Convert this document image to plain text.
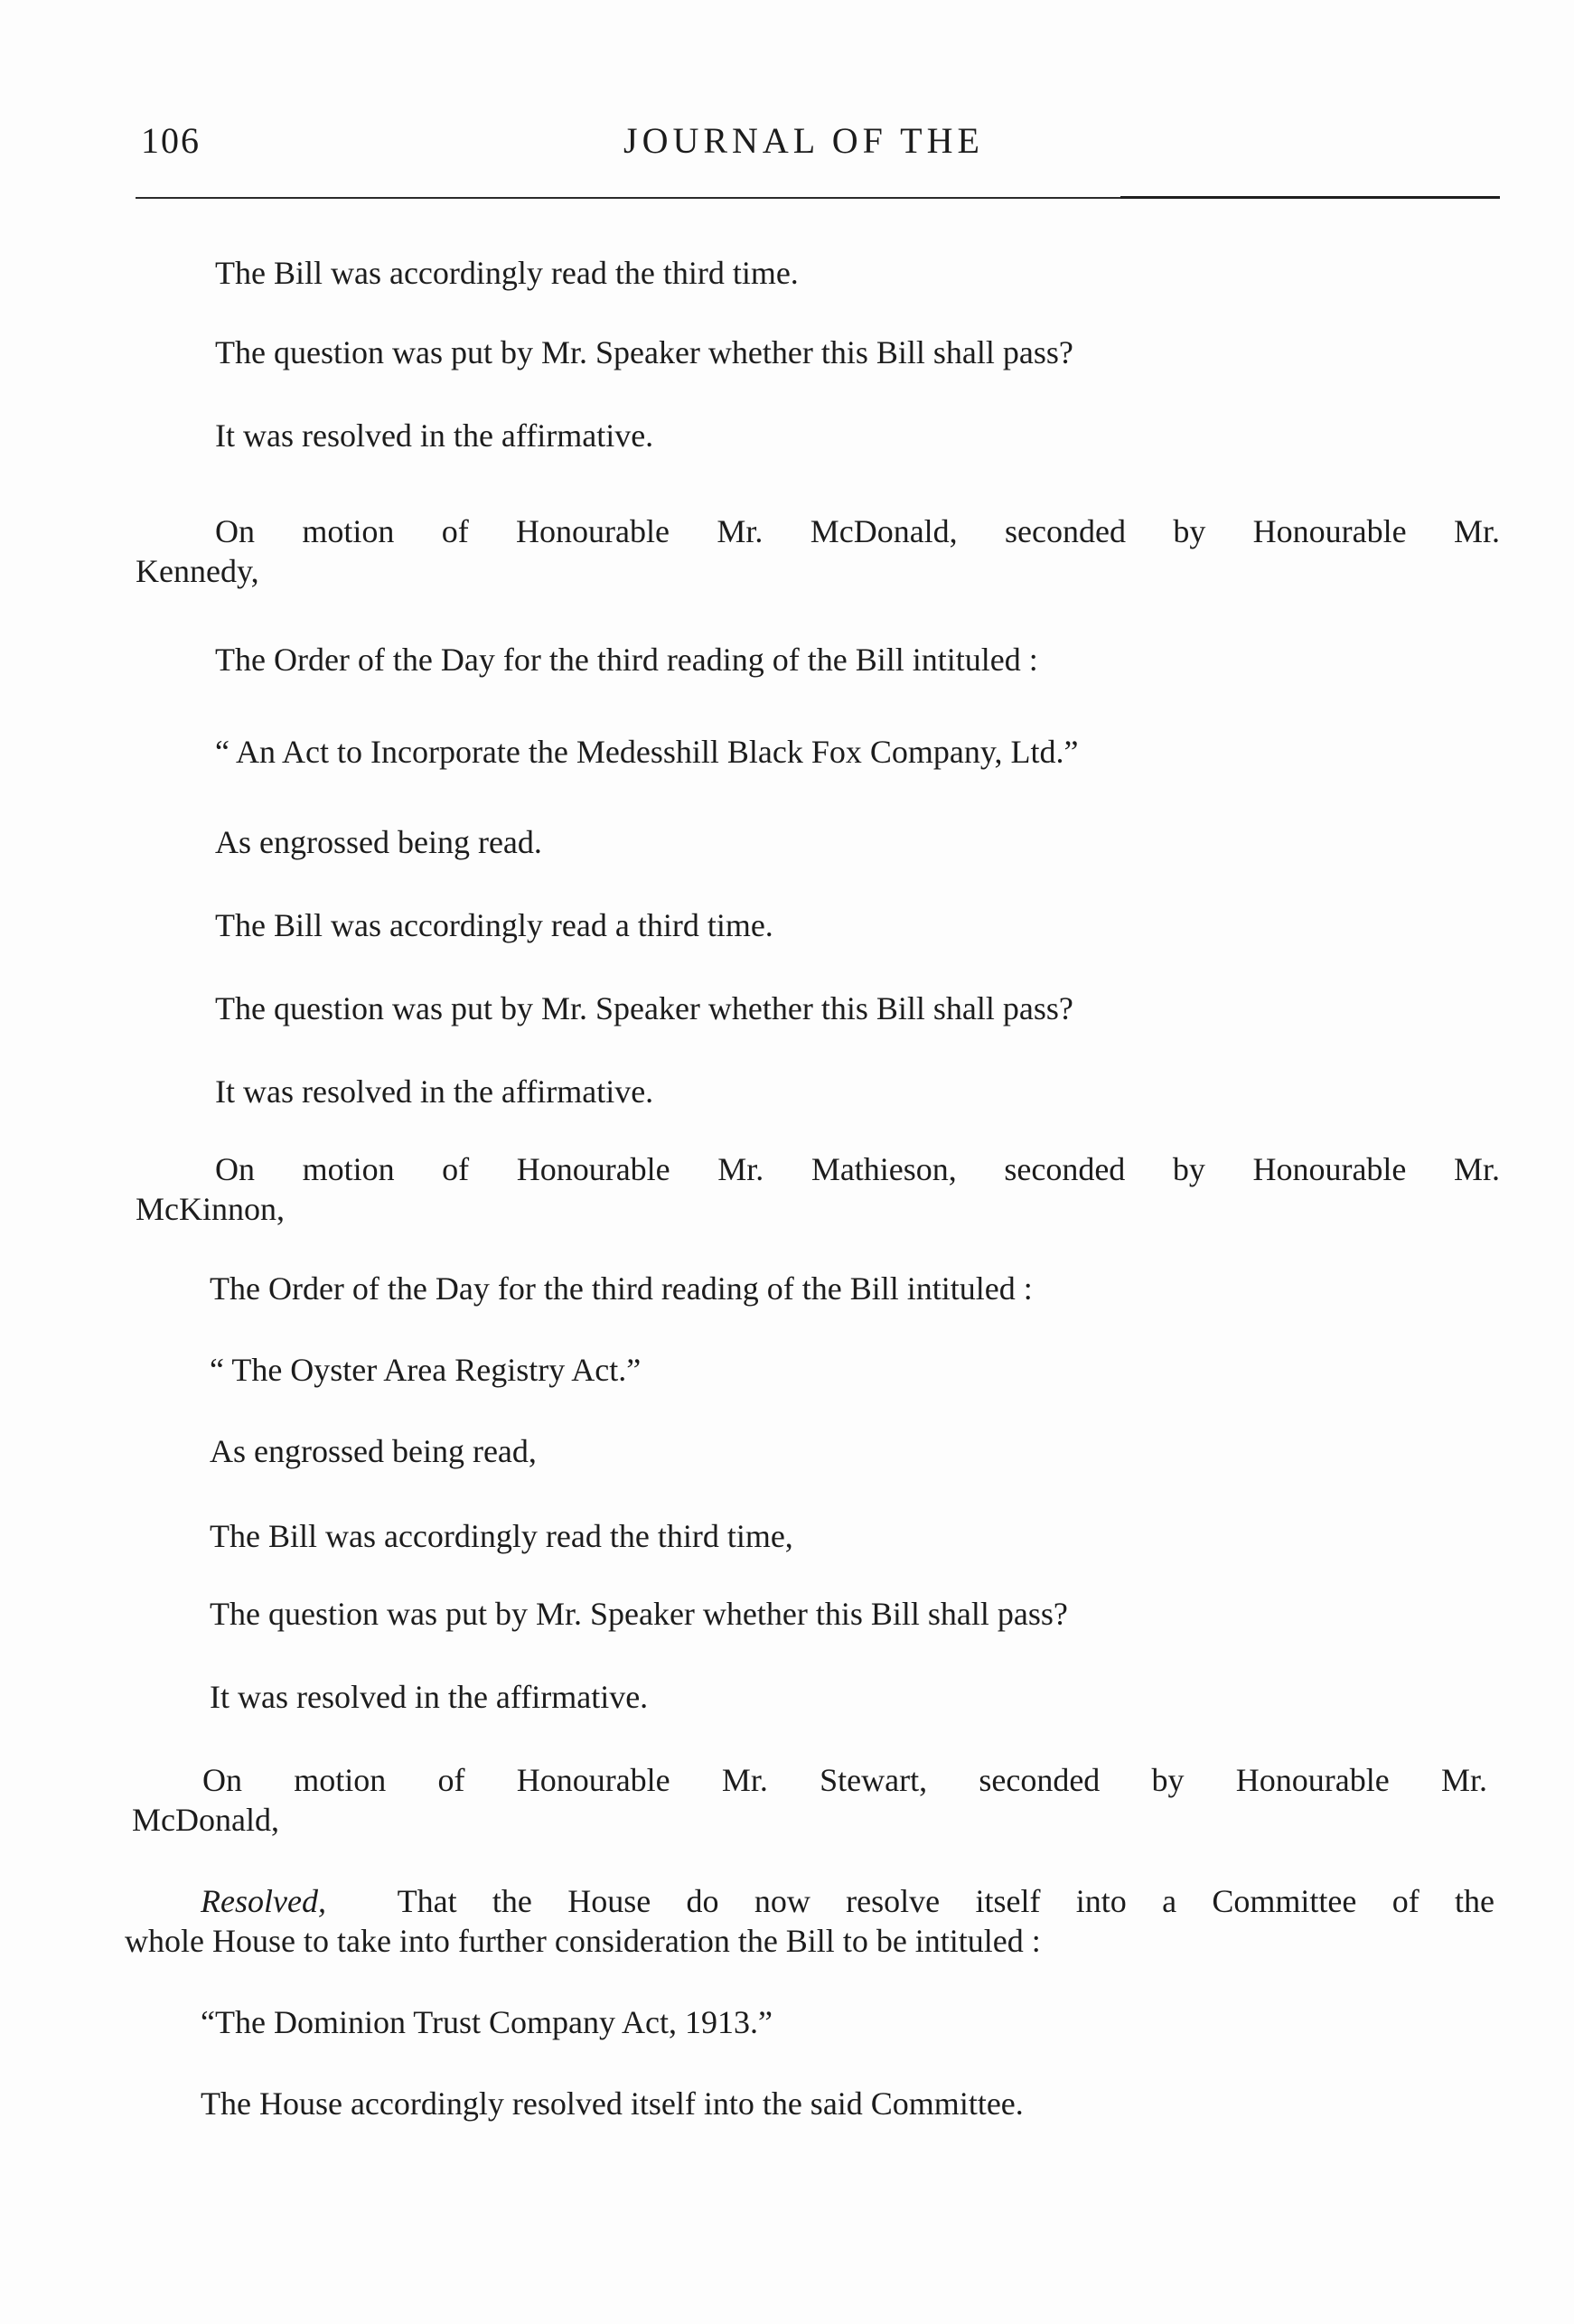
106	JOURNAL OF THE

The Bill was accordingly read the third time.

The question was put by Mr. Speaker whether this Bill shall pass?

It was resolved in the affirmative.

On motion of Honourable Mr. McDonald, seconded by Honourable Mr.
Kennedy,

The Order of the Day for the third reading of the Bill intituled :

“ An Act to Incorporate the Medesshill Black Fox Company, Ltd.”

As engrossed being read.

The Bill was accordingly read a third time.

The question was put by Mr. Speaker whether this Bill shall pass?

It was resolved in the affirmative.

On motion of Honourable Mr. Mathieson, seconded by Honourable Mr.
McKinnon,

The Order of the Day for the third reading of the Bill intituled :

“ The Oyster Area Registry Act.”

As engrossed being read,

The Bill was accordingly read the third time,

The question was put by Mr. Speaker whether this Bill shall pass?

It was resolved in the affirmative.

On motion of Honourable Mr. Stewart, seconded by Honourable Mr.
McDonald,
Resolved, That the House do now resolve itself into a Committee of the
whole House to take into further consideration the Bill to be intituled :

“The Dominion Trust Company Act, 1913.”

The House accordingly resolved itself into the said Committee.
